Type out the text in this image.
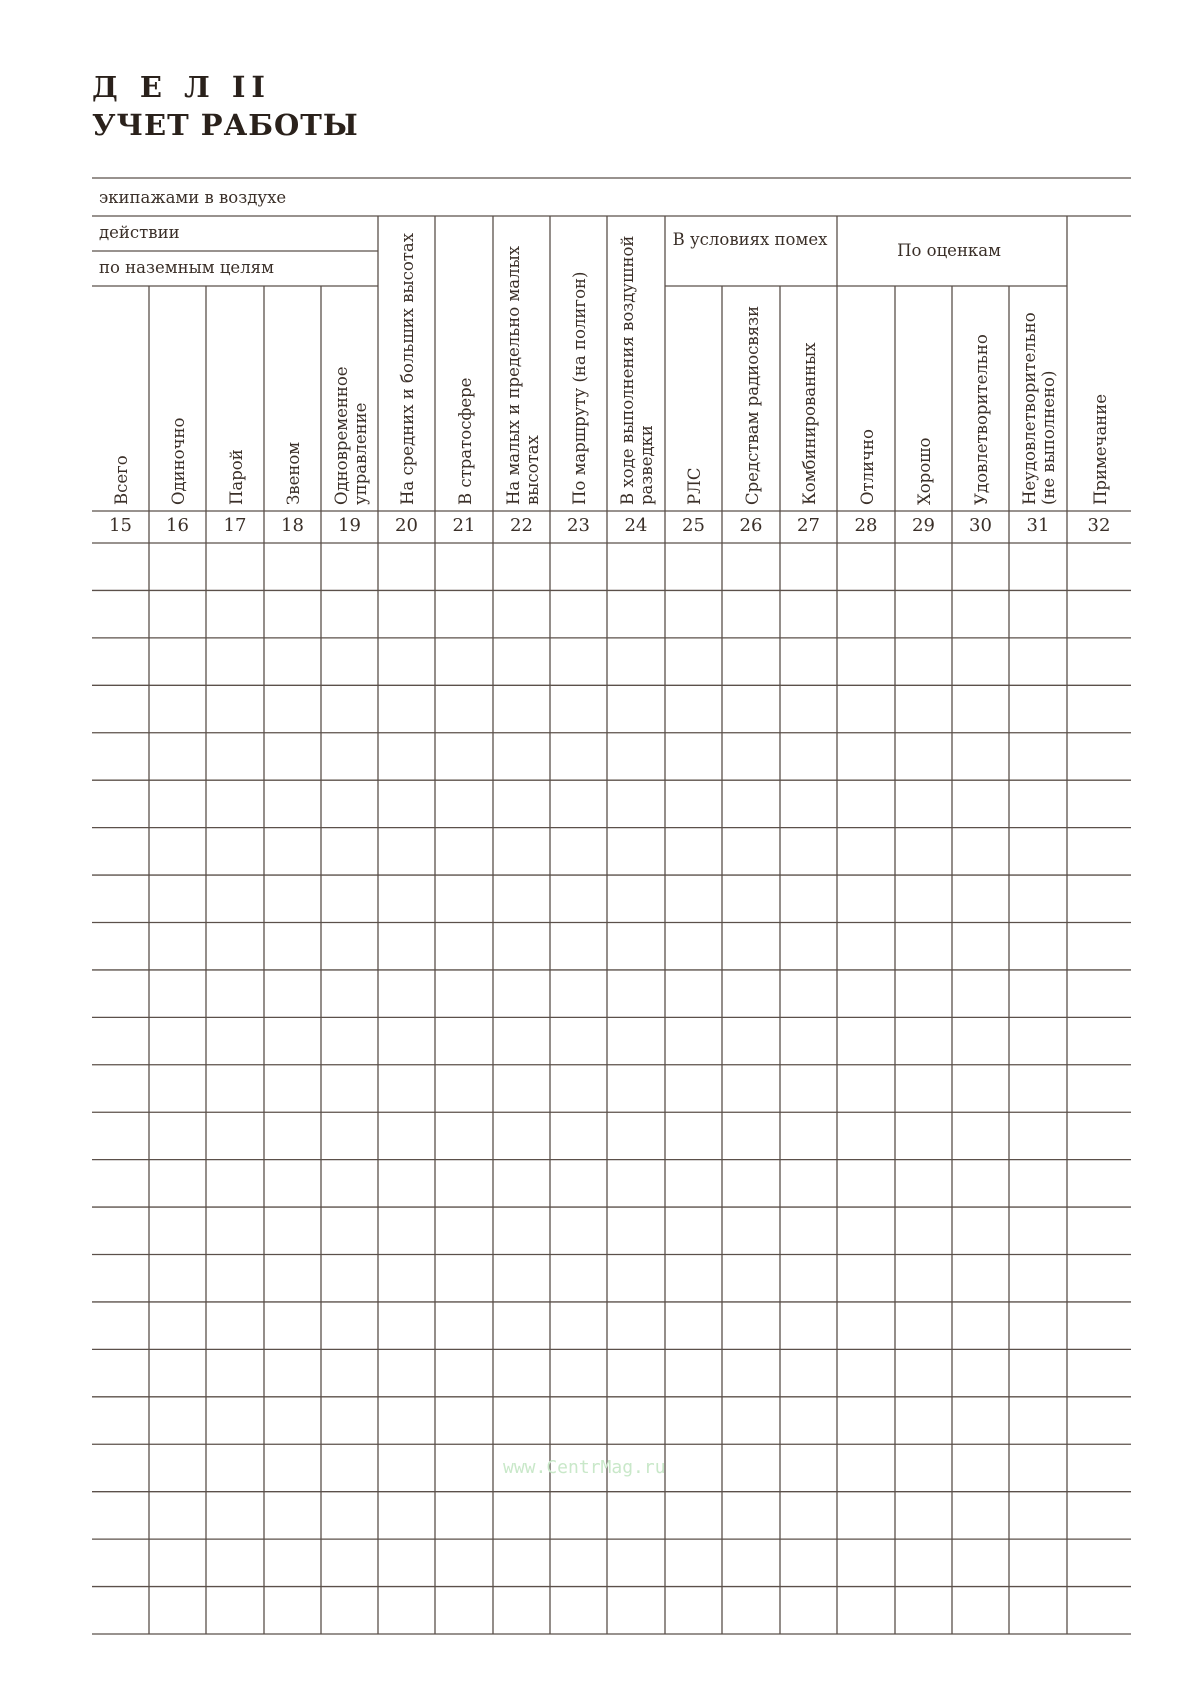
Д Е Л II
УЧЕТ РАБОТЫ
экипажами в воздухе
действии
по наземным целям
В условиях помех
По оценкам
Всего
15
Одиночно
16
Парой
17
Звеном
18
Одновременное управление
19
На средних и больших высотах
20
В стратосфере
21
На малых и предельно малых высотах
22
По маршруту (на полигон)
23
В ходе выполнения воздушной разведки
24
РЛС
25
Средствам радиосвязи
26
Комбинированных
27
Отлично
28
Хорошо
29
Удовлетворительно
30
Неудовлетворительно (не выполнено)
31
Примечание
32
www.CentrMag.ru
